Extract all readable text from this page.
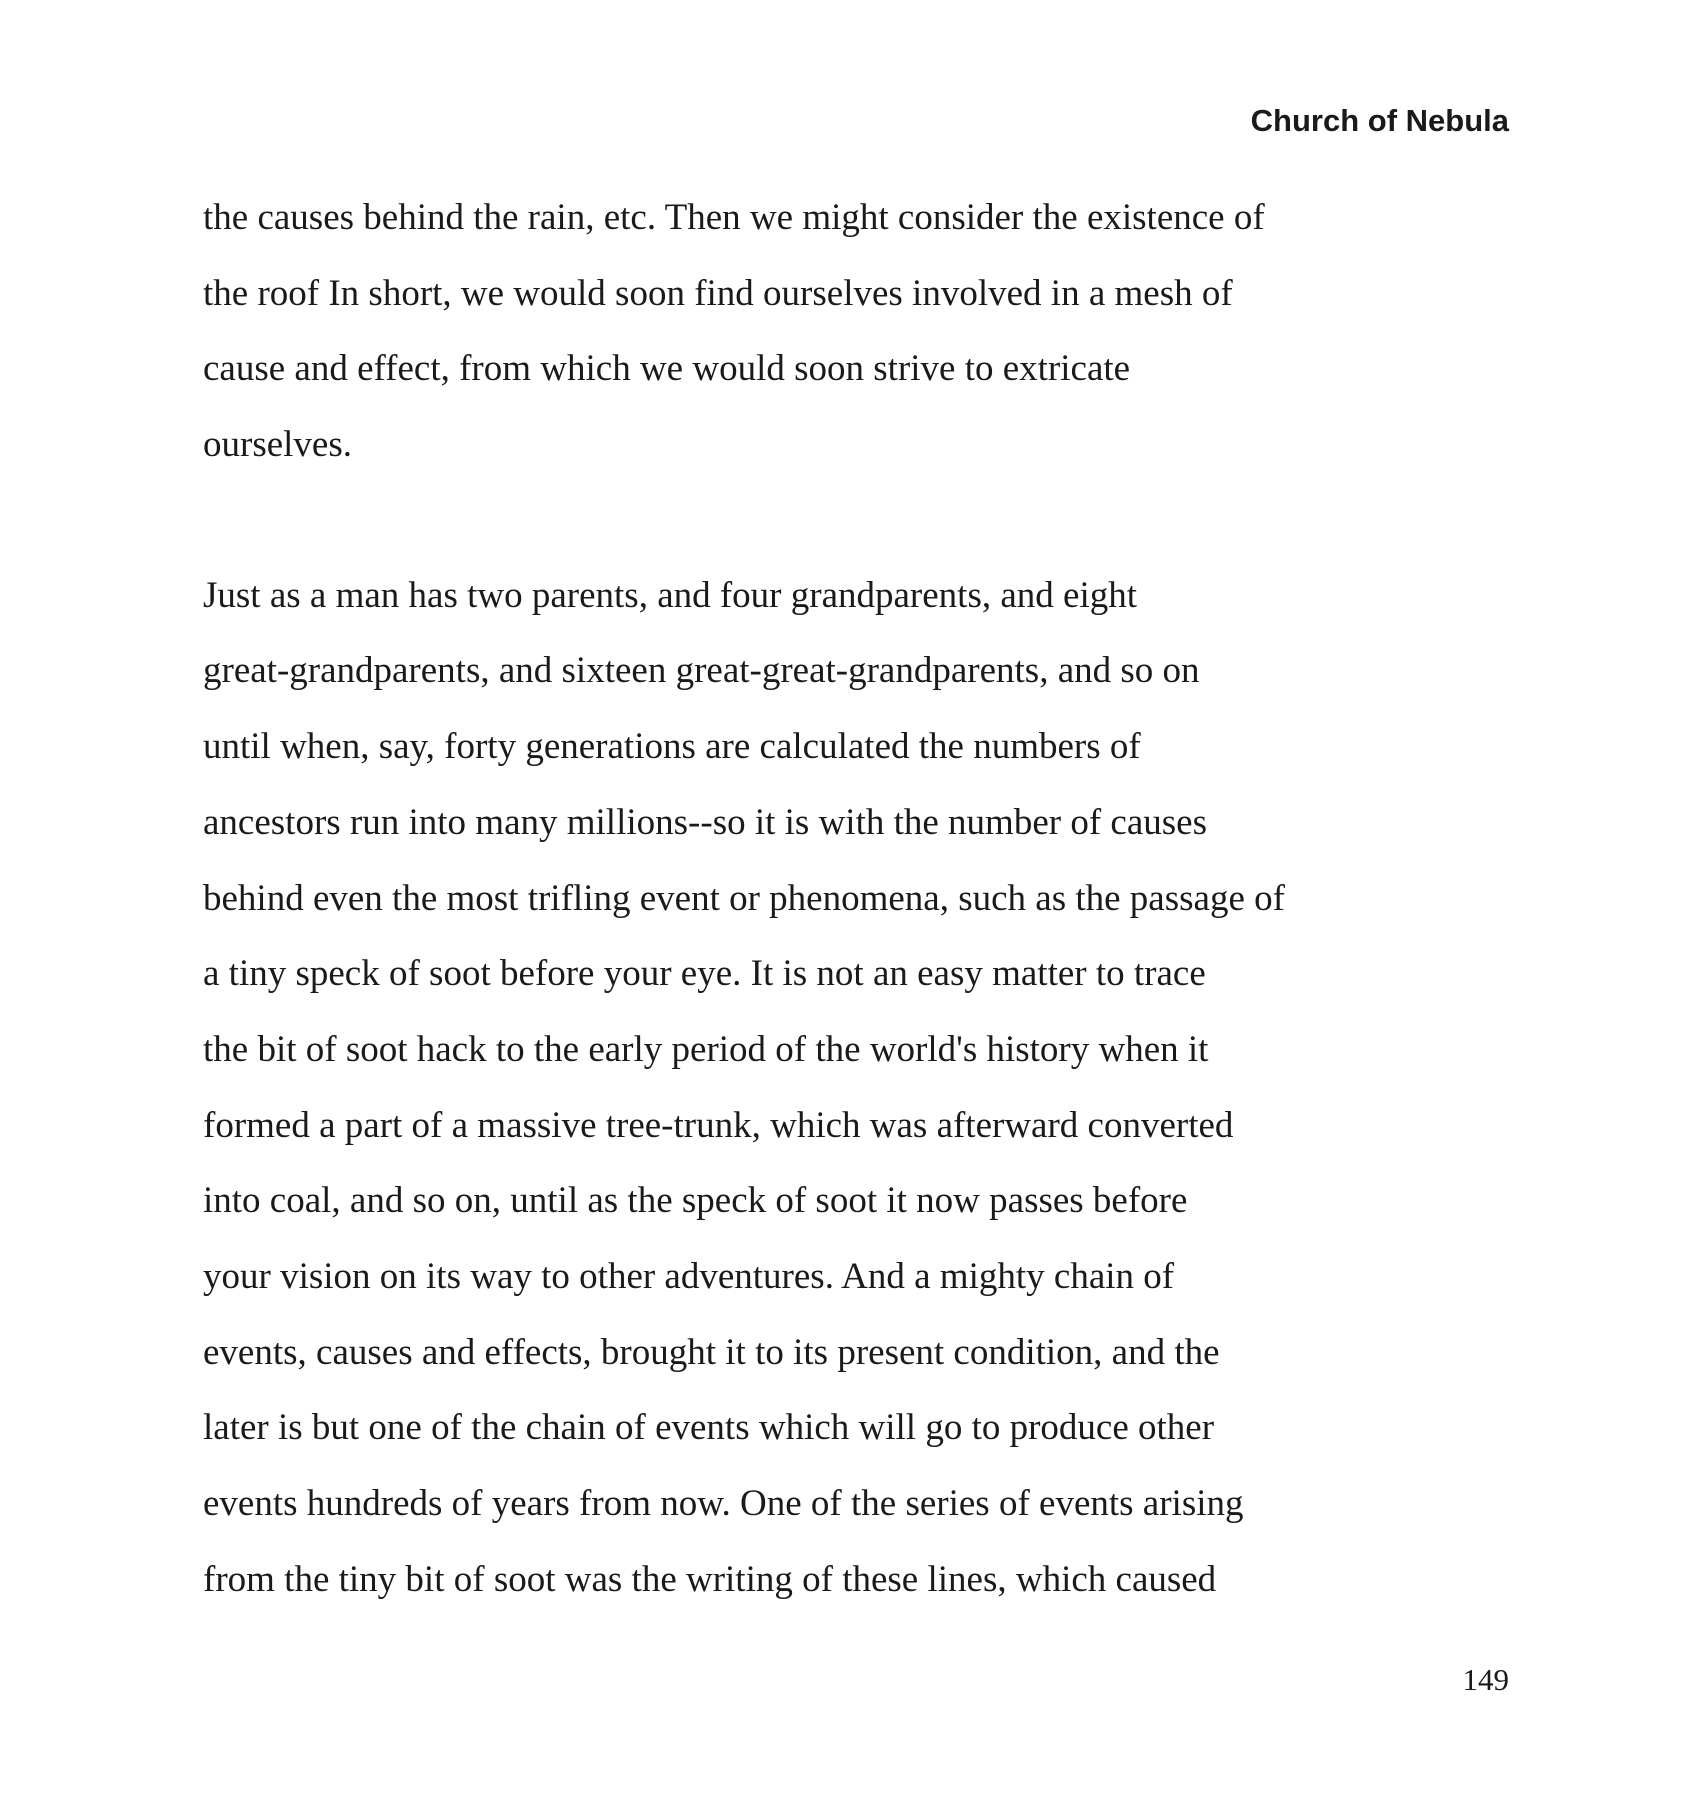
Church of Nebula

the causes behind the rain, etc. Then we might consider the existence of
the roof In short, we would soon find ourselves involved in a mesh of
cause and effect, from which we would soon strive to extricate
ourselves.

Just as a man has two parents, and four grandparents, and eight
great-grandparents, and sixteen great-great-grandparents, and so on
until when, say, forty generations are calculated the numbers of
ancestors run into many millions--so it is with the number of causes
behind even the most trifling event or phenomena, such as the passage of
a tiny speck of soot before your eye. It is not an easy matter to trace
the bit of soot hack to the early period of the world's history when it
formed a part of a massive tree-trunk, which was afterward converted
into coal, and so on, until as the speck of soot it now passes before
your vision on its way to other adventures. And a mighty chain of
events, causes and effects, brought it to its present condition, and the
later is but one of the chain of events which will go to produce other
events hundreds of years from now. One of the series of events arising
from the tiny bit of soot was the writing of these lines, which caused

149
